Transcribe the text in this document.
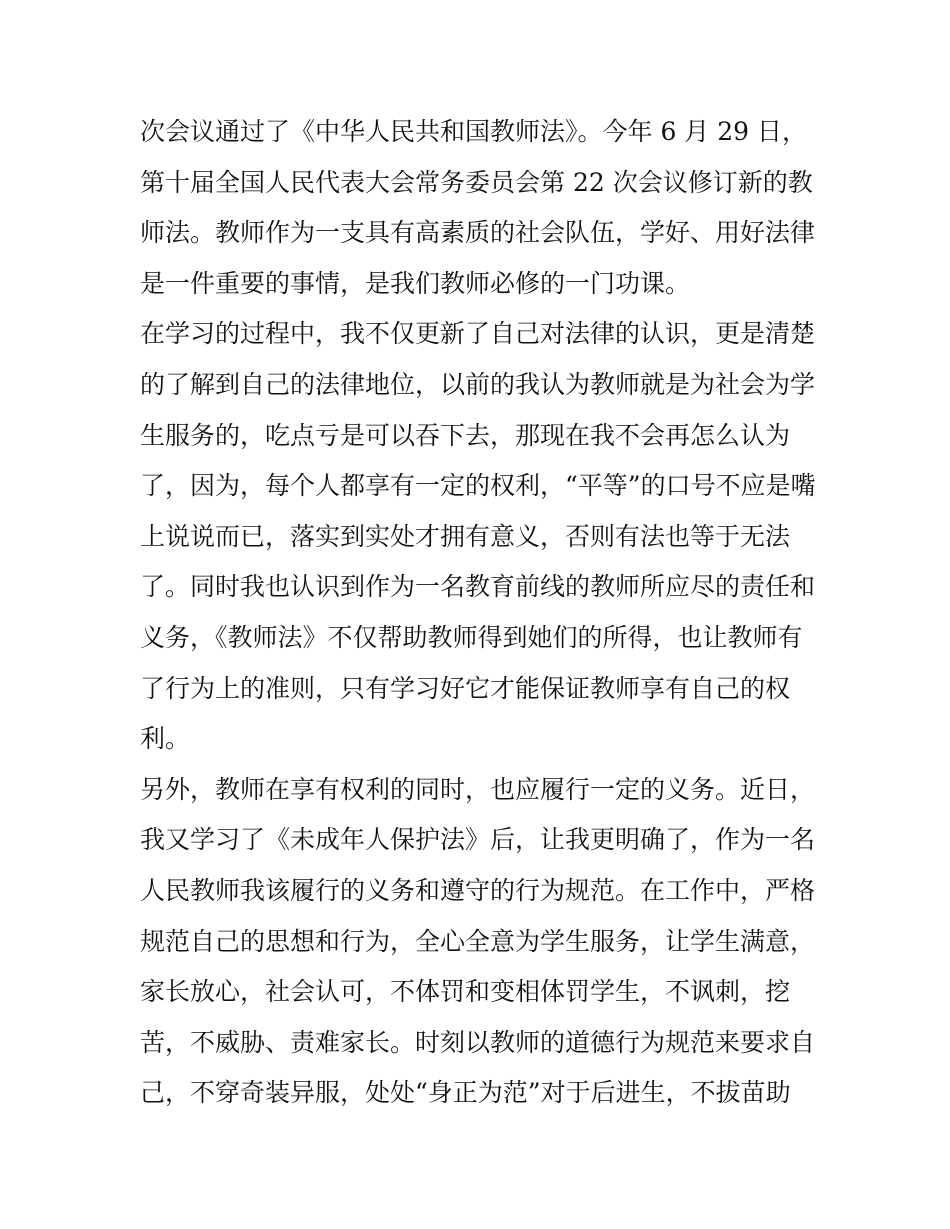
次会议通过了《中华人民共和国教师法》。今年 6 月 29 日，
第十届全国人民代表大会常务委员会第 22 次会议修订新的教
师法。教师作为一支具有高素质的社会队伍，学好、用好法律
是一件重要的事情，是我们教师必修的一门功课。
在学习的过程中，我不仅更新了自己对法律的认识，更是清楚
的了解到自己的法律地位，以前的我认为教师就是为社会为学
生服务的，吃点亏是可以吞下去，那现在我不会再怎么认为
了，因为，每个人都享有一定的权利，“平等”的口号不应是嘴
上说说而已，落实到实处才拥有意义，否则有法也等于无法
了。同时我也认识到作为一名教育前线的教师所应尽的责任和
义务，《教师法》不仅帮助教师得到她们的所得，也让教师有
了行为上的准则，只有学习好它才能保证教师享有自己的权
利。
另外，教师在享有权利的同时，也应履行一定的义务。近日，
我又学习了《未成年人保护法》后，让我更明确了，作为一名
人民教师我该履行的义务和遵守的行为规范。在工作中，严格
规范自己的思想和行为，全心全意为学生服务，让学生满意，
家长放心，社会认可，不体罚和变相体罚学生，不讽刺，挖
苦，不威胁、责难家长。时刻以教师的道德行为规范来要求自
己，不穿奇装异服，处处“身正为范”对于后进生，不拔苗助
